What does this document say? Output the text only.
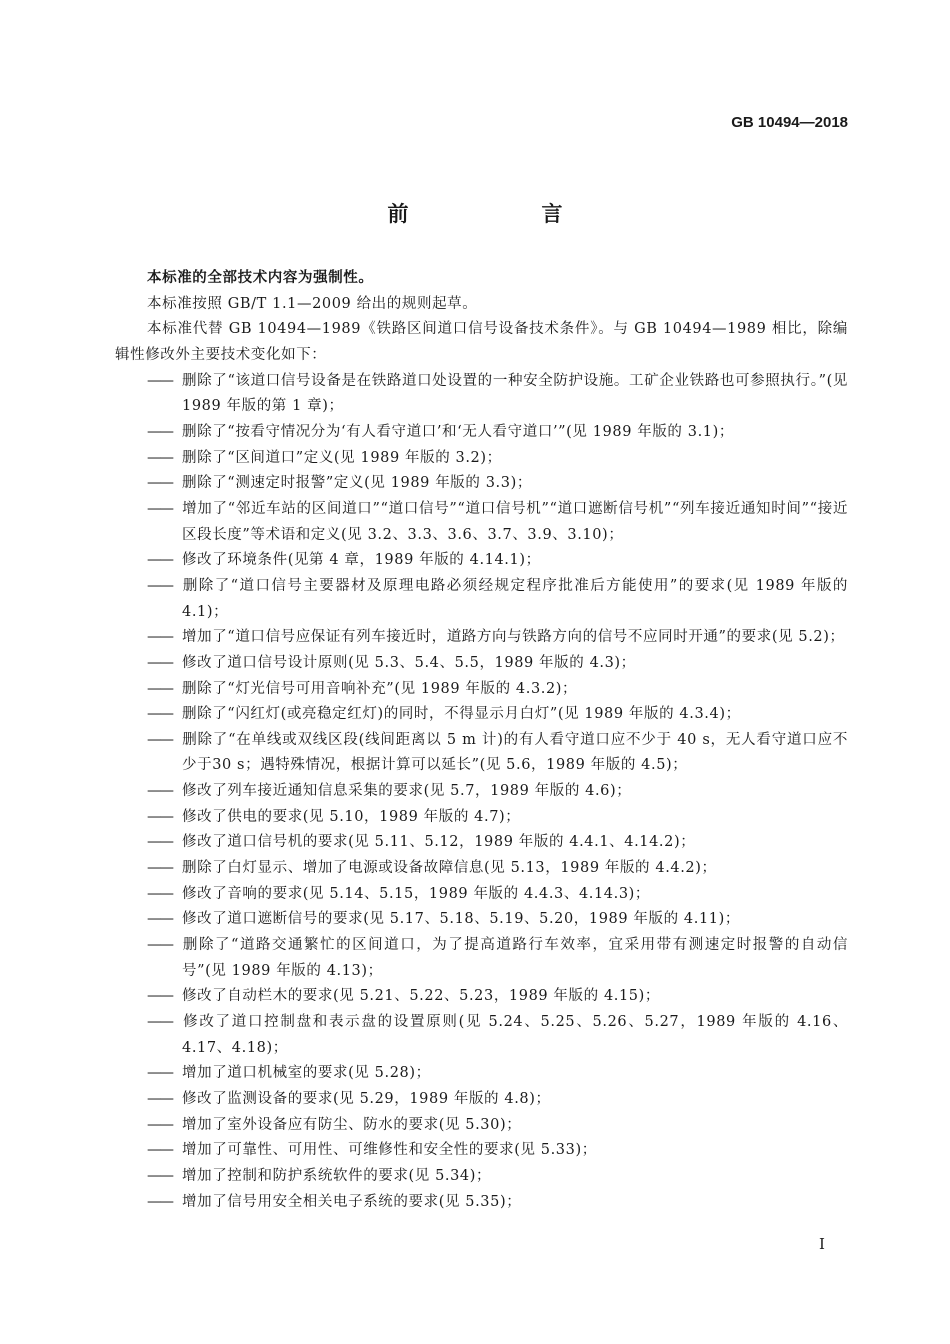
GB 10494—2018
前　言
本标准的全部技术内容为强制性。
本标准按照 GB/T 1.1—2009 给出的规则起草。
本标准代替 GB 10494—1989《铁路区间道口信号设备技术条件》。与 GB 10494—1989 相比，除编辑性修改外主要技术变化如下：
—— 删除了“该道口信号设备是在铁路道口处设置的一种安全防护设施。工矿企业铁路也可参照执行。”(见 1989 年版的第 1 章)；
—— 删除了“按看守情况分为‘有人看守道口’和‘无人看守道口’”(见 1989 年版的 3.1)；
—— 删除了“区间道口”定义(见 1989 年版的 3.2)；
—— 删除了“测速定时报警”定义(见 1989 年版的 3.3)；
—— 增加了“邻近车站的区间道口”“道口信号”“道口信号机”“道口遮断信号机”“列车接近通知时间”“接近区段长度”等术语和定义(见 3.2、3.3、3.6、3.7、3.9、3.10)；
—— 修改了环境条件(见第 4 章，1989 年版的 4.14.1)；
—— 删除了“道口信号主要器材及原理电路必须经规定程序批准后方能使用”的要求(见 1989 年版的 4.1)；
—— 增加了“道口信号应保证有列车接近时，道路方向与铁路方向的信号不应同时开通”的要求(见 5.2)；
—— 修改了道口信号设计原则(见 5.3、5.4、5.5，1989 年版的 4.3)；
—— 删除了“灯光信号可用音响补充”(见 1989 年版的 4.3.2)；
—— 删除了“闪红灯(或亮稳定红灯)的同时，不得显示月白灯”(见 1989 年版的 4.3.4)；
—— 删除了“在单线或双线区段(线间距离以 5 m 计)的有人看守道口应不少于 40 s，无人看守道口应不少于30 s；遇特殊情况，根据计算可以延长”(见 5.6，1989 年版的 4.5)；
—— 修改了列车接近通知信息采集的要求(见 5.7，1989 年版的 4.6)；
—— 修改了供电的要求(见 5.10，1989 年版的 4.7)；
—— 修改了道口信号机的要求(见 5.11、5.12，1989 年版的 4.4.1、4.14.2)；
—— 删除了白灯显示、增加了电源或设备故障信息(见 5.13，1989 年版的 4.4.2)；
—— 修改了音响的要求(见 5.14、5.15，1989 年版的 4.4.3、4.14.3)；
—— 修改了道口遮断信号的要求(见 5.17、5.18、5.19、5.20，1989 年版的 4.11)；
—— 删除了“道路交通繁忙的区间道口，为了提高道路行车效率，宜采用带有测速定时报警的自动信号”(见 1989 年版的 4.13)；
—— 修改了自动栏木的要求(见 5.21、5.22、5.23，1989 年版的 4.15)；
—— 修改了道口控制盘和表示盘的设置原则(见 5.24、5.25、5.26、5.27，1989 年版的 4.16、4.17、4.18)；
—— 增加了道口机械室的要求(见 5.28)；
—— 修改了监测设备的要求(见 5.29，1989 年版的 4.8)；
—— 增加了室外设备应有防尘、防水的要求(见 5.30)；
—— 增加了可靠性、可用性、可维修性和安全性的要求(见 5.33)；
—— 增加了控制和防护系统软件的要求(见 5.34)；
—— 增加了信号用安全相关电子系统的要求(见 5.35)；
I
